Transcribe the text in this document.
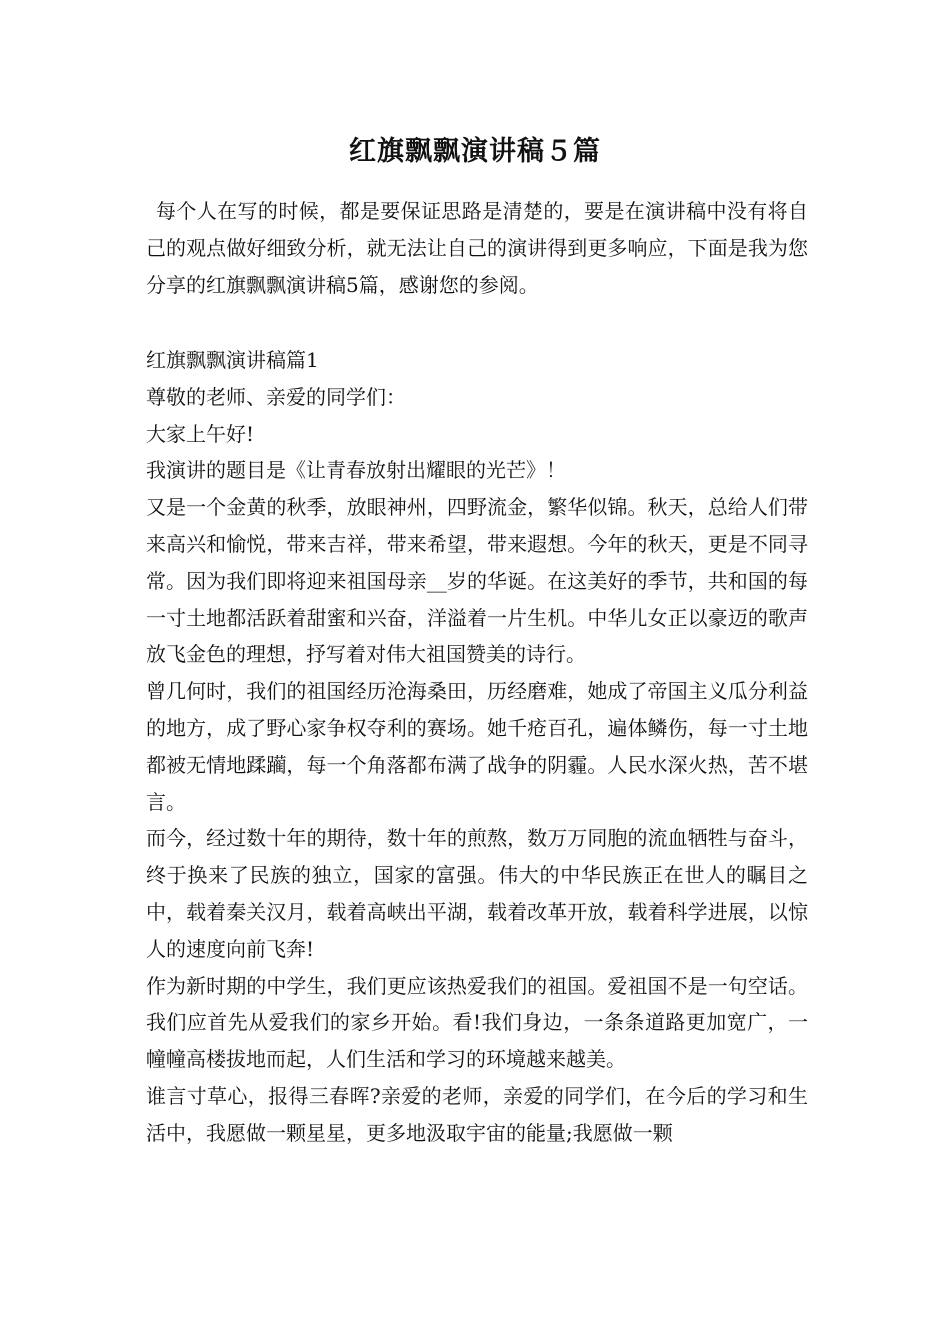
红旗飘飘演讲稿５篇

每个人在写的时候，都是要保证思路是清楚的，要是在演讲稿中没有将自己的观点做好细致分析，就无法让自己的演讲得到更多响应，下面是我为您分享的红旗飘飘演讲稿5篇，感谢您的参阅。

红旗飘飘演讲稿篇1

尊敬的老师、亲爱的同学们：

大家上午好!

我演讲的题目是《让青春放射出耀眼的光芒》！

又是一个金黄的秋季，放眼神州，四野流金，繁华似锦。秋天，总给人们带来高兴和愉悦，带来吉祥，带来希望，带来遐想。今年的秋天，更是不同寻常。因为我们即将迎来祖国母亲__岁的华诞。在这美好的季节，共和国的每一寸土地都活跃着甜蜜和兴奋，洋溢着一片生机。中华儿女正以豪迈的歌声放飞金色的理想，抒写着对伟大祖国赞美的诗行。

曾几何时，我们的祖国经历沧海桑田，历经磨难，她成了帝国主义瓜分利益的地方，成了野心家争权夺利的赛场。她千疮百孔，遍体鳞伤，每一寸土地都被无情地蹂躏，每一个角落都布满了战争的阴霾。人民水深火热，苦不堪言。

而今，经过数十年的期待，数十年的煎熬，数万万同胞的流血牺牲与奋斗，终于换来了民族的独立，国家的富强。伟大的中华民族正在世人的瞩目之中，载着秦关汉月，载着高峡出平湖，载着改革开放，载着科学进展，以惊人的速度向前飞奔!

作为新时期的中学生，我们更应该热爱我们的祖国。爱祖国不是一句空话。我们应首先从爱我们的家乡开始。看!我们身边，一条条道路更加宽广，一幢幢高楼拔地而起，人们生活和学习的环境越来越美。

谁言寸草心，报得三春晖?亲爱的老师，亲爱的同学们，在今后的学习和生活中，我愿做一颗星星，更多地汲取宇宙的能量;我愿做一颗
